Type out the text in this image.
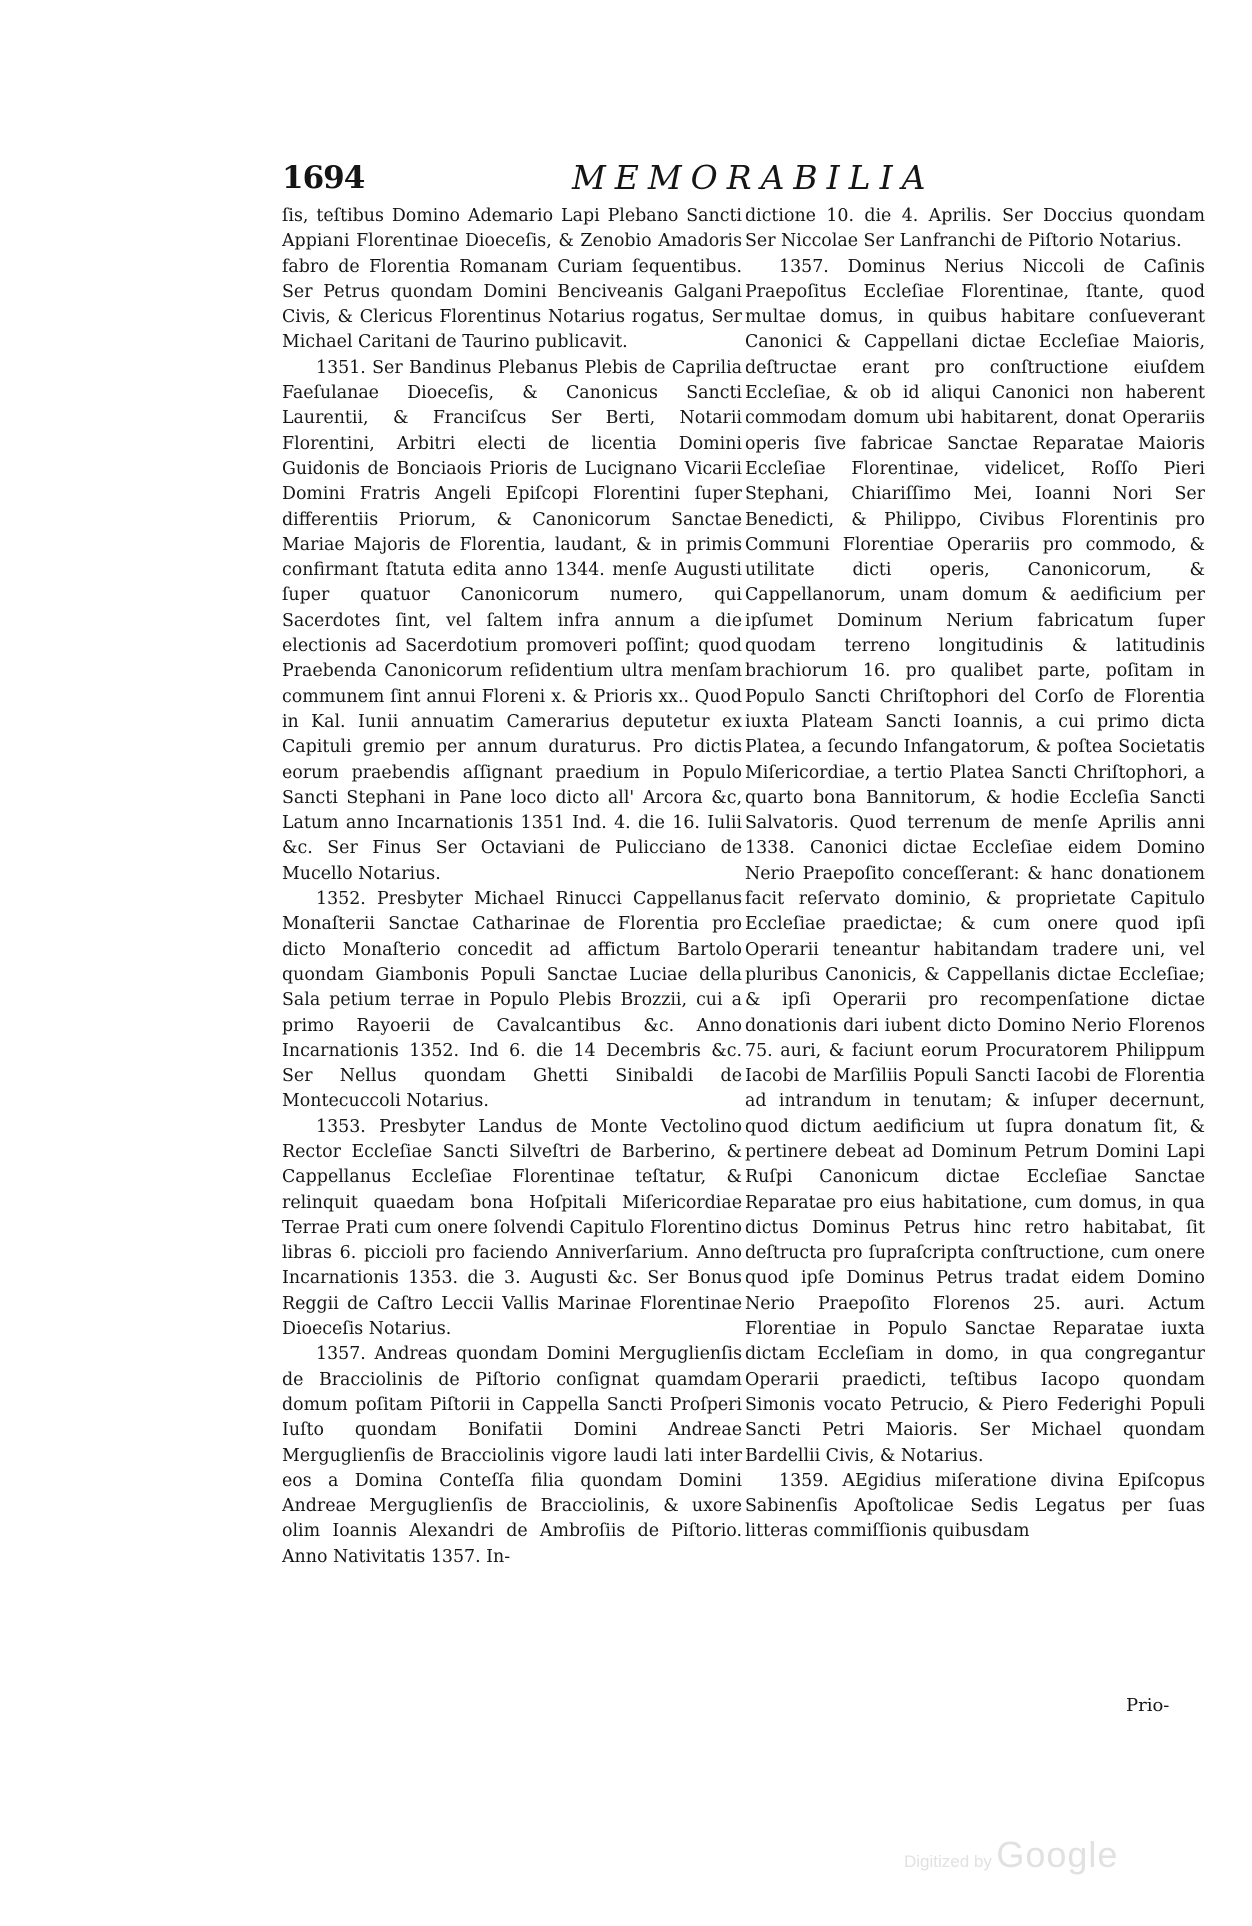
1694	MEMORABILIA

ſis, teſtibus Domino Ademario Lapi Plebano Sancti Appiani Florentinae Dioeceſis, & Zenobio Amadoris fabro de Florentia Romanam Curiam ſequentibus. Ser Petrus quondam Domini Benciveanis Galgani Civis, & Clericus Florentinus Notarius rogatus, Ser Michael Caritani de Taurino publicavit.

1351. Ser Bandinus Plebanus Plebis de Caprilia Faeſulanae Dioeceſis, & Canonicus Sancti Laurentii, & Franciſcus Ser Berti, Notarii Florentini, Arbitri electi de licentia Domini Guidonis de Bonciaois Prioris de Lucignano Vicarii Domini Fratris Angeli Epiſcopi Florentini ſuper differentiis Priorum, & Canonicorum Sanctae Mariae Majoris de Florentia, laudant, & in primis confirmant ſtatuta edita anno 1344. menſe Augusti ſuper quatuor Canonicorum numero, qui Sacerdotes ſint, vel ſaltem infra annum a die electionis ad Sacerdotium promoveri poſſint; quod Praebenda Canonicorum reſidentium ultra menſam communem ſint annui Floreni x. & Prioris xx.. Quod in Kal. Iunii annuatim Camerarius deputetur ex Capituli gremio per annum duraturus. Pro dictis eorum praebendis aſſignant praedium in Populo Sancti Stephani in Pane loco dicto all' Arcora &c, Latum anno Incarnationis 1351 Ind. 4. die 16. Iulii &c. Ser Finus Ser Octaviani de Pulicciano de Mucello Notarius.

1352. Presbyter Michael Rinucci Cappellanus Monaſterii Sanctae Catharinae de Florentia pro dicto Monaſterio concedit ad affictum Bartolo quondam Giambonis Populi Sanctae Luciae della Sala petium terrae in Populo Plebis Brozzii, cui a primo Rayoerii de Cavalcantibus &c. Anno Incarnationis 1352. Ind 6. die 14 Decembris &c. Ser Nellus quondam Ghetti Sinibaldi de Montecuccoli Notarius.

1353. Presbyter Landus de Monte Vectolino Rector Eccleſiae Sancti Silveſtri de Barberino, & Cappellanus Eccleſiae Florentinae teſtatur, & relinquit quaedam bona Hoſpitali Miſericordiae Terrae Prati cum onere ſolvendi Capitulo Florentino libras 6. piccioli pro faciendo Anniverſarium. Anno Incarnationis 1353. die 3. Augusti &c. Ser Bonus Reggii de Caſtro Leccii Vallis Marinae Florentinae Dioeceſis Notarius.

1357. Andreas quondam Domini Merguglienſis de Bracciolinis de Piſtorio conſignat quamdam domum poſitam Piſtorii in Cappella Sancti Proſperi Iuſto quondam Bonifatii Domini Andreae Merguglienſis de Bracciolinis vigore laudi lati inter eos a Domina Conteſſa filia quondam Domini Andreae Merguglienſis de Bracciolinis, & uxore olim Ioannis Alexandri de Ambroſiis de Piſtorio. Anno Nativitatis 1357. In-

dictione 10. die 4. Aprilis. Ser Doccius quondam Ser Niccolae Ser Lanfranchi de Piſtorio Notarius.

1357. Dominus Nerius Niccoli de Caſinis Praepoſitus Eccleſiae Florentinae, ſtante, quod multae domus, in quibus habitare conſueverant Canonici & Cappellani dictae Eccleſiae Maioris, deſtructae erant pro conſtructione eiuſdem Eccleſiae, & ob id aliqui Canonici non haberent commodam domum ubi habitarent, donat Operariis operis ſive fabricae Sanctae Reparatae Maioris Eccleſiae Florentinae, videlicet, Roſſo Pieri Stephani, Chiariſſimo Mei, Ioanni Nori Ser Benedicti, & Philippo, Civibus Florentinis pro Communi Florentiae Operariis pro commodo, & utilitate dicti operis, Canonicorum, & Cappellanorum, unam domum & aedificium per ipſumet Dominum Nerium fabricatum ſuper quodam terreno longitudinis & latitudinis brachiorum 16. pro qualibet parte, poſitam in Populo Sancti Chriſtophori del Corſo de Florentia iuxta Plateam Sancti Ioannis, a cui primo dicta Platea, a ſecundo Infangatorum, & poſtea Societatis Miſericordiae, a tertio Platea Sancti Chriſtophori, a quarto bona Bannitorum, & hodie Eccleſia Sancti Salvatoris. Quod terrenum de menſe Aprilis anni 1338. Canonici dictae Eccleſiae eidem Domino Nerio Praepoſito conceſſerant: & hanc donationem facit reſervato dominio, & proprietate Capitulo Eccleſiae praedictae; & cum onere quod ipſi Operarii teneantur habitandam tradere uni, vel pluribus Canonicis, & Cappellanis dictae Eccleſiae; & ipſi Operarii pro recompenſatione dictae donationis dari iubent dicto Domino Nerio Florenos 75. auri, & faciunt eorum Procuratorem Philippum Iacobi de Marſiliis Populi Sancti Iacobi de Florentia ad intrandum in tenutam; & inſuper decernunt, quod dictum aedificium ut ſupra donatum ſit, & pertinere debeat ad Dominum Petrum Domini Lapi Ruſpi Canonicum dictae Eccleſiae Sanctae Reparatae pro eius habitatione, cum domus, in qua dictus Dominus Petrus hinc retro habitabat, ſit deſtructa pro ſupraſcripta conſtructione, cum onere quod ipſe Dominus Petrus tradat eidem Domino Nerio Praepoſito Florenos 25. auri. Actum Florentiae in Populo Sanctae Reparatae iuxta dictam Eccleſiam in domo, in qua congregantur Operarii praedicti, teſtibus Iacopo quondam Simonis vocato Petrucio, & Piero Federighi Populi Sancti Petri Maioris. Ser Michael quondam Bardellii Civis, & Notarius.

1359. AEgidius miſeratione divina Epiſcopus Sabinenſis Apoſtolicae Sedis Legatus per ſuas litteras commiſſionis quibusdam

Prio-
Digitized by Google
